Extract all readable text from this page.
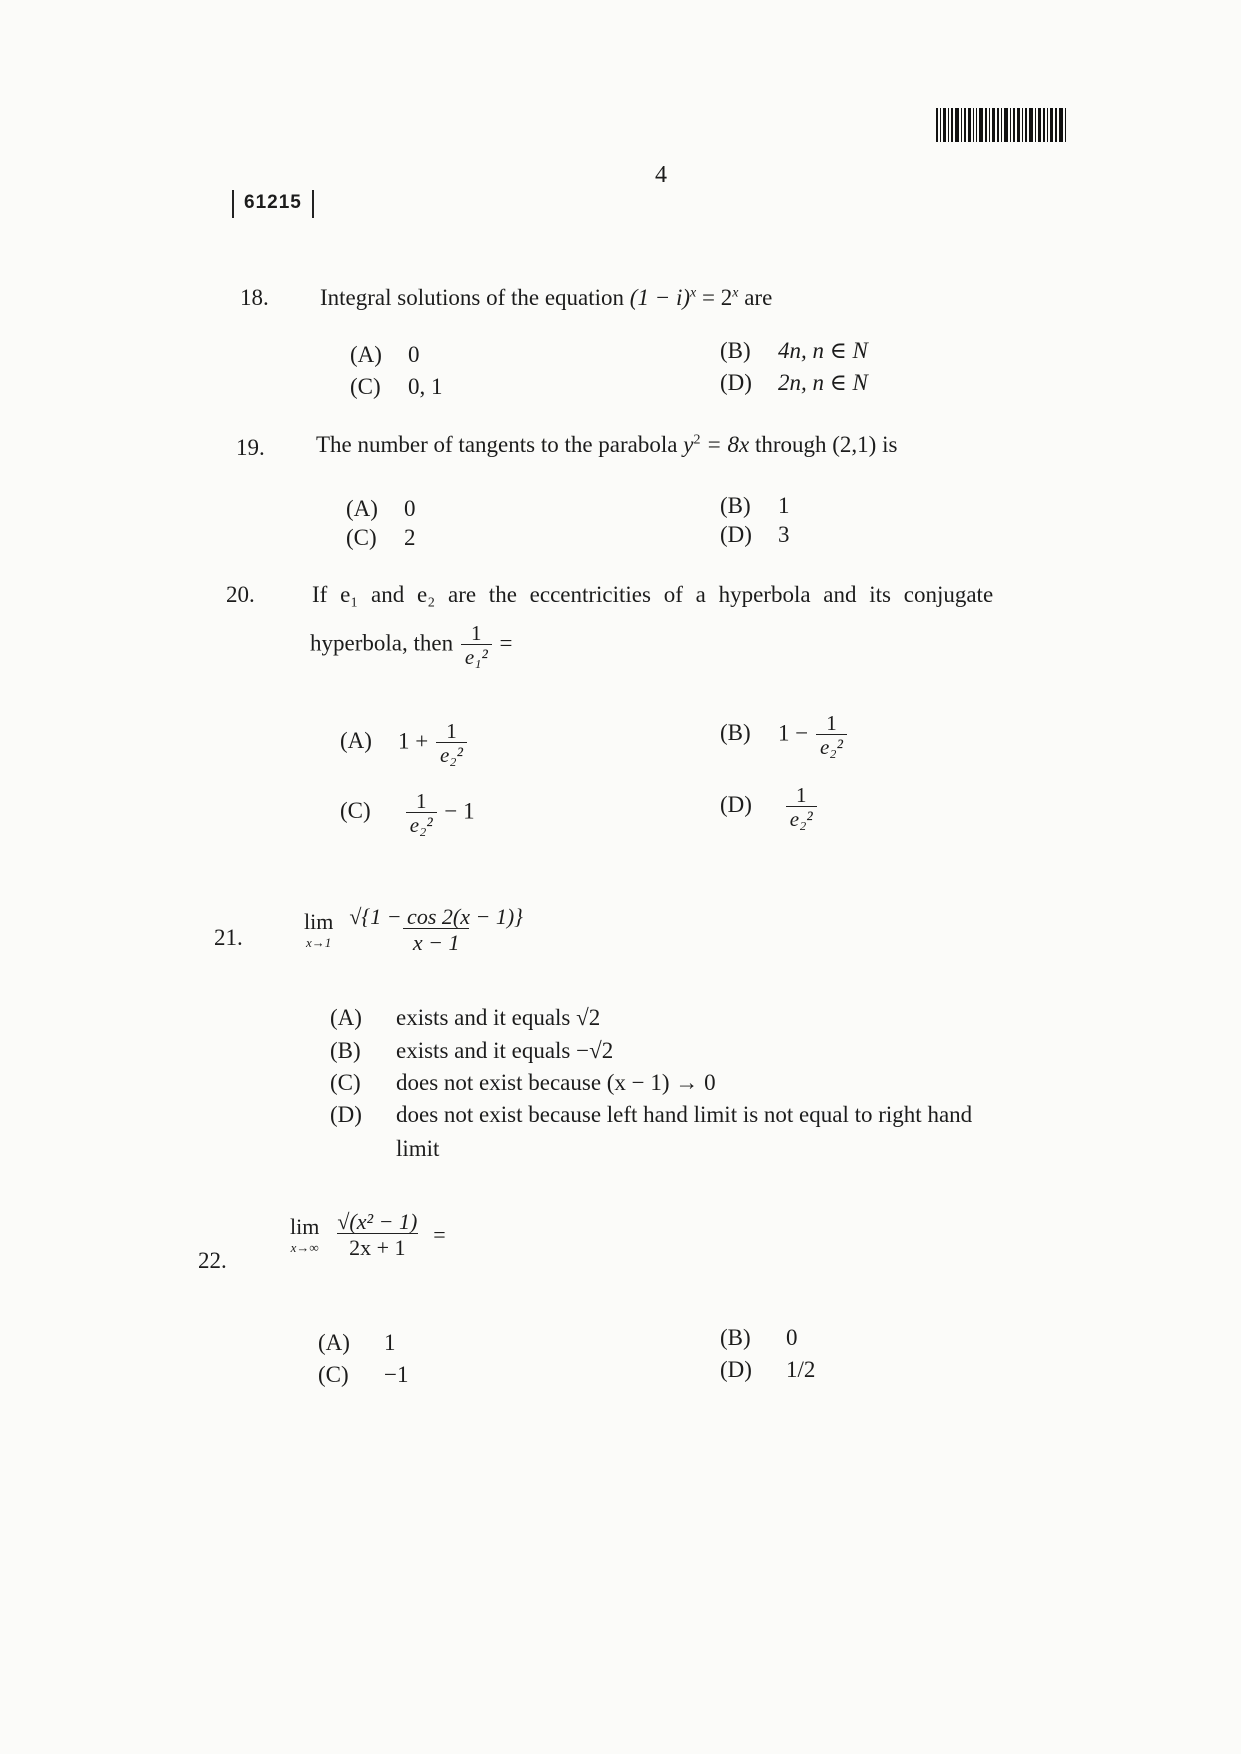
4
61215
18. Integral solutions of the equation $(1 - i)^x = 2^x$ are
(A) 0	(B) 4n, n ∈ N
(C) 0, 1	(D) 2n, n ∈ N
19. The number of tangents to the parabola $y^2 = 8x$ through (2,1) is
(A) 0	(B) 1
(C) 2	(D) 3
20. If e₁ and e₂ are the eccentricities of a hyperbola and its conjugate
hyperbola, then $\frac{1}{\text{e₁²}}$ =
(A) $1 + \frac{1}{\text{e₂²}}$	(B) $1 - \frac{1}{\text{e₂²}}$
$(C) \frac{1}{\text{e₂²}} - 1$	$(D) \frac{1}{\text{e₂²}}$
21.
lim
$x\to 1 \frac{√\{1 - \cos 2(x - 1)\}}{x - 1}$
(A) exists and it equals √2
(B) exists and it equals −√2
(C) does not exist because (x − 1) → 0
(D) does not exist because left hand limit is not equal to right hand
limit
22.
lim
$x\to\infty \frac{\text{√(x² − 1)}}{2x + 1}$ =
(A) 1	(B) 0
(C) −1	(D) 1/2
